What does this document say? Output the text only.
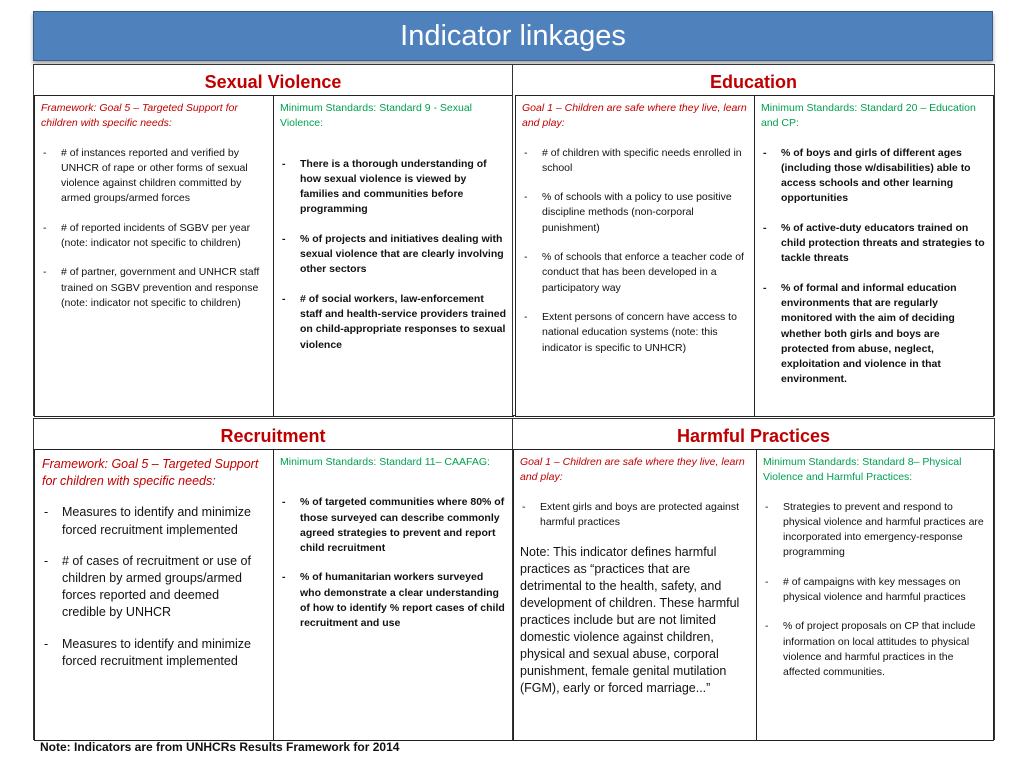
Indicator linkages
Sexual Violence
Framework: Goal 5 – Targeted Support for children with specific needs:
- # of instances reported and verified by UNHCR of rape or other forms of sexual violence against children committed by armed groups/armed forces
- # of reported incidents of SGBV per year (note: indicator not specific to children)
- # of partner, government and UNHCR staff trained on SGBV prevention and response (note: indicator not specific to children)
Minimum Standards: Standard 9 - Sexual Violence:
- There is a thorough understanding of how sexual violence is viewed by families and communities before programming
- % of projects and initiatives dealing with sexual violence that are clearly involving other sectors
- # of social workers, law-enforcement staff and health-service providers trained on child-appropriate responses to sexual violence
Education
Goal 1 – Children are safe where they live, learn and play:
- # of children with specific needs enrolled in school
- % of schools with a policy to use positive discipline methods (non-corporal punishment)
- % of schools that enforce a teacher code of conduct that has been developed in a participatory way
- Extent persons of concern have access to national education systems (note: this indicator is specific to UNHCR)
Minimum Standards: Standard 20 – Education and CP:
- % of boys and girls of different ages (including those w/disabilities) able to access schools and other learning opportunities
- % of active-duty educators trained on child protection threats and strategies to tackle threats
- % of formal and informal education environments that are regularly monitored with the aim of deciding whether both girls and boys are protected from abuse, neglect, exploitation and violence in that environment.
Recruitment
Framework: Goal 5 – Targeted Support for children with specific needs:
- Measures to identify and minimize forced recruitment implemented
- # of cases of recruitment or use of children by armed groups/armed forces reported and deemed credible by UNHCR
- Measures to identify and minimize forced recruitment implemented
Minimum Standards: Standard 11– CAAFAG:
- % of targeted communities where 80% of those surveyed can describe commonly agreed strategies to prevent and report child recruitment
- % of humanitarian workers surveyed who demonstrate a clear understanding of how to identify % report cases of child recruitment and use
Harmful Practices
Goal 1 – Children are safe where they live, learn and play:
- Extent girls and boys are protected against harmful practices
Note: This indicator defines harmful practices as “practices that are detrimental to the health, safety, and development of children. These harmful practices include but are not limited domestic violence against children, physical and sexual abuse, corporal punishment, female genital mutilation (FGM), early or forced marriage...”
Minimum Standards: Standard 8– Physical Violence and Harmful Practices:
- Strategies to prevent and respond to physical violence and harmful practices are incorporated into emergency-response programming
- # of campaigns with key messages on physical violence and harmful practices
- % of project proposals on CP that include information on local attitudes to physical violence and harmful practices in the affected communities.
Note: Indicators are from UNHCRs Results Framework for 2014
